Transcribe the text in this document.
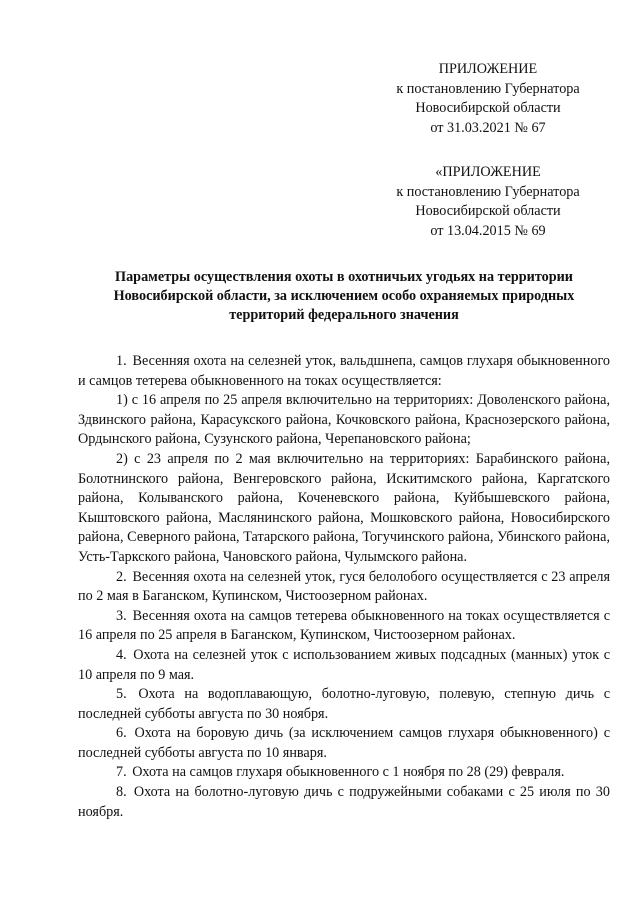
ПРИЛОЖЕНИЕ
к постановлению Губернатора
Новосибирской области
от 31.03.2021 № 67
«ПРИЛОЖЕНИЕ
к постановлению Губернатора
Новосибирской области
от 13.04.2015 № 69
Параметры осуществления охоты в охотничьих угодьях на территории
Новосибирской области, за исключением особо охраняемых природных
территорий федерального значения

1. Весенняя охота на селезней уток, вальдшнепа, самцов глухаря обыкновенного и самцов тетерева обыкновенного на токах осуществляется:

1) с 16 апреля по 25 апреля включительно на территориях: Доволенского района, Здвинского района, Карасукского района, Кочковского района, Краснозерского района, Ордынского района, Сузунского района, Черепановского района;

2) с 23 апреля по 2 мая включительно на территориях: Барабинского района, Болотнинского района, Венгеровского района, Искитимского района, Каргатского района, Колыванского района, Коченевского района, Куйбышевского района, Кыштовского района, Маслянинского района, Мошковского района, Новосибирского района, Северного района, Татарского района, Тогучинского района, Убинского района, Усть-Таркского района, Чановского района, Чулымского района.

2. Весенняя охота на селезней уток, гуся белолобого осуществляется с 23 апреля по 2 мая в Баганском, Купинском, Чистоозерном районах.

3. Весенняя охота на самцов тетерева обыкновенного на токах осуществляется с 16 апреля по 25 апреля в Баганском, Купинском, Чистоозерном районах.

4. Охота на селезней уток с использованием живых подсадных (манных) уток с 10 апреля по 9 мая.

5. Охота на водоплавающую, болотно-луговую, полевую, степную дичь с последней субботы августа по 30 ноября.

6. Охота на боровую дичь (за исключением самцов глухаря обыкновенного) с последней субботы августа по 10 января.

7. Охота на самцов глухаря обыкновенного с 1 ноября по 28 (29) февраля.

8. Охота на болотно-луговую дичь с подружейными собаками с 25 июля по 30 ноября.
